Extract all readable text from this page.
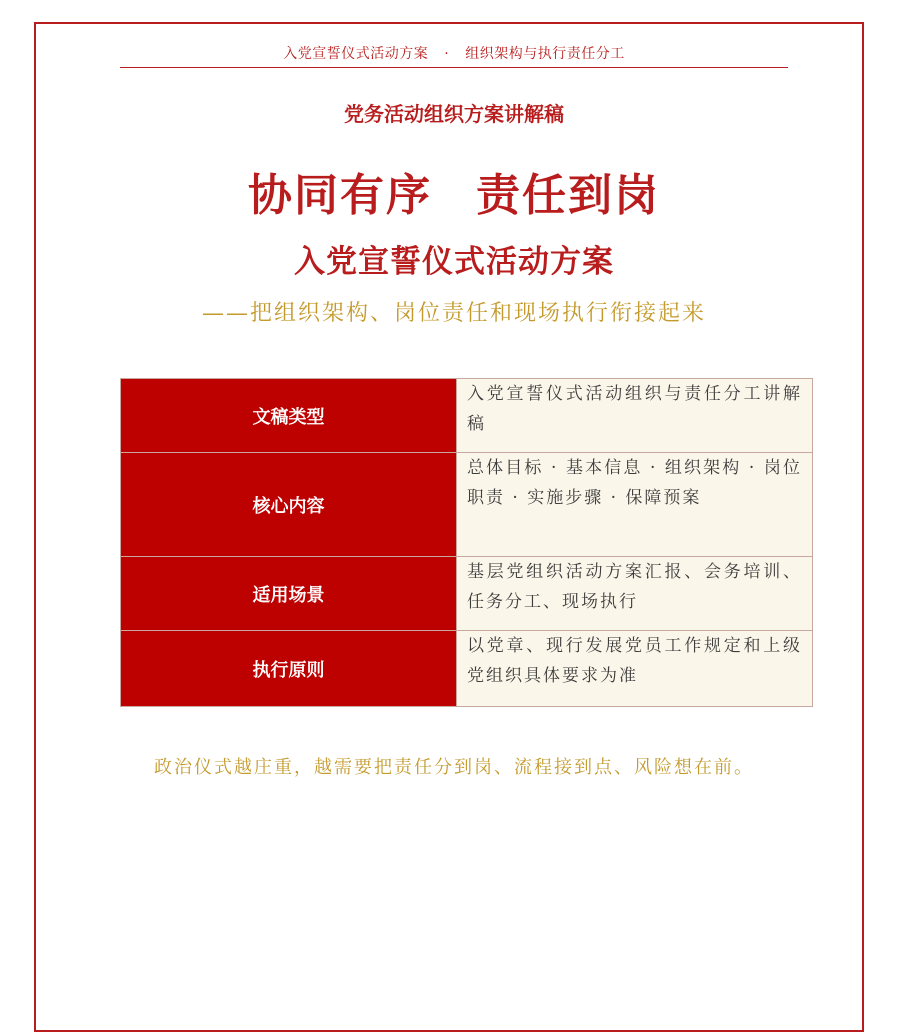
入党宣誓仪式活动方案 · 组织架构与执行责任分工
党务活动组织方案讲解稿
协同有序 责任到岗
入党宣誓仪式活动方案
——把组织架构、岗位责任和现场执行衔接起来
文稿类型	入党宣誓仪式活动组织与责任分工讲解稿
核心内容	总体目标 · 基本信息 · 组织架构 · 岗位职责 · 实施步骤 · 保障预案
适用场景	基层党组织活动方案汇报、会务培训、任务分工、现场执行
执行原则	以党章、现行发展党员工作规定和上级党组织具体要求为准
政治仪式越庄重，越需要把责任分到岗、流程接到点、风险想在前。
